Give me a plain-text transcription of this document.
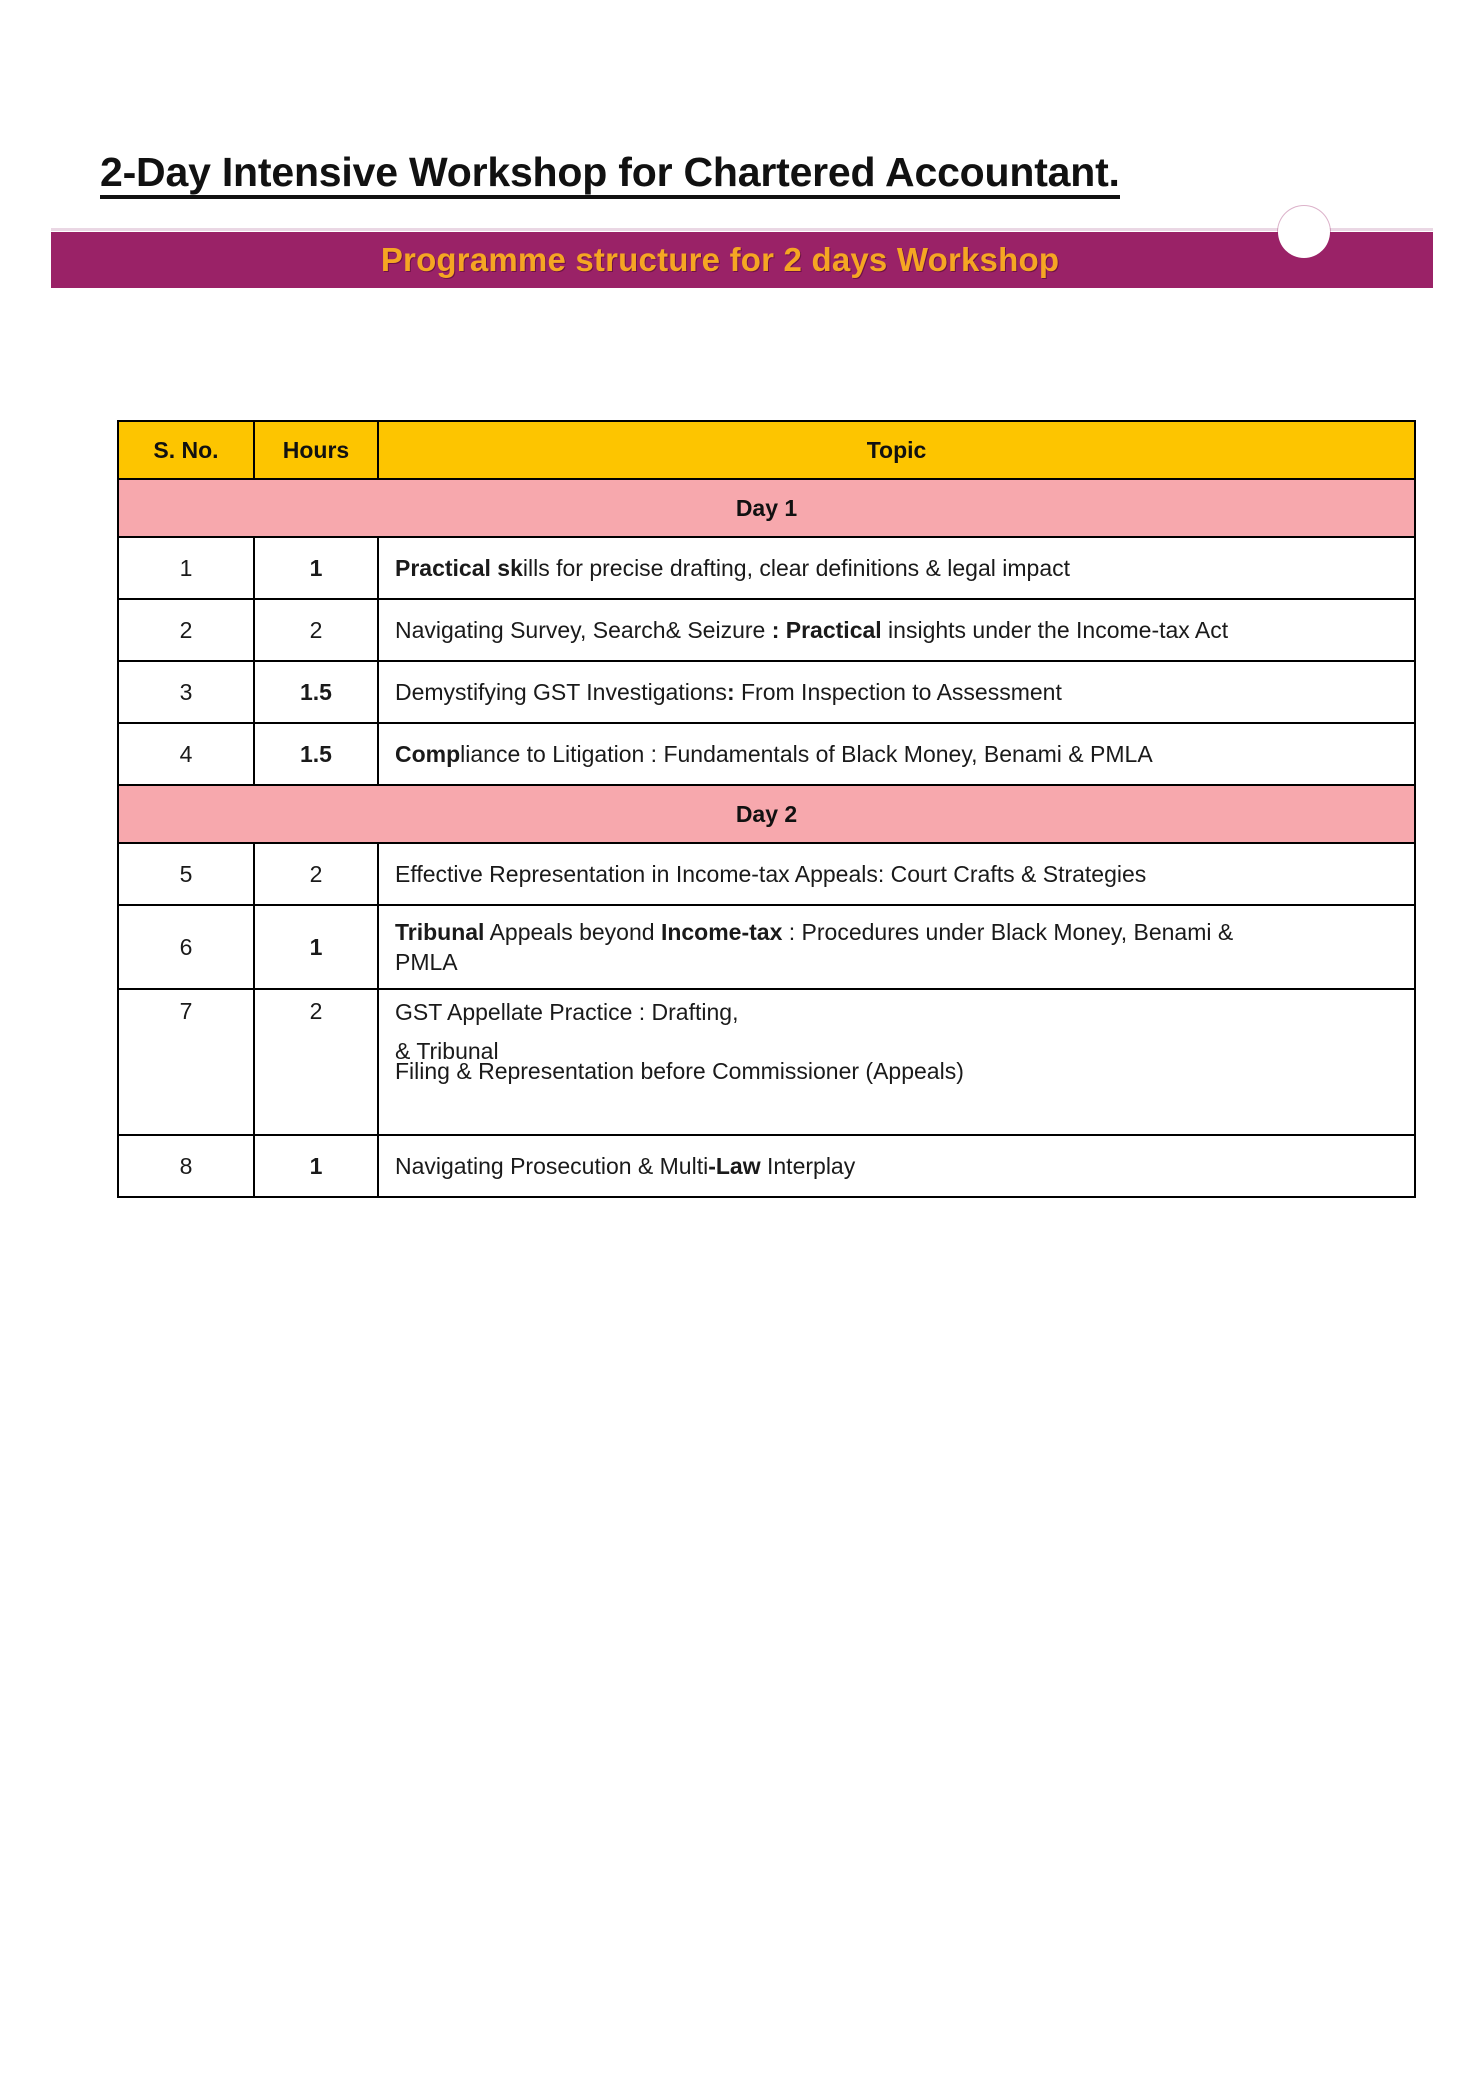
2-Day Intensive Workshop for Chartered Accountant.
Programme structure for 2 days Workshop
S. No.	Hours	Topic
Day 1		
1	1	Practical skills for precise drafting, clear definitions & legal impact
2	2	Navigating Survey, Search& Seizure : Practical insights under the Income-tax Act
3	1.5	Demystifying GST Investigations: From Inspection to Assessment
4	1.5	Compliance to Litigation : Fundamentals of Black Money, Benami & PMLA
Day 2		
5	2	Effective Representation in Income-tax Appeals: Court Crafts & Strategies
6	1	Tribunal Appeals beyond Income-tax : Procedures under Black Money, Benami &
PMLA

7	2	GST Appellate Practice : Drafting,
& Tribunal
Filing & Representation before Commissioner (Appeals)

8	1	Navigating Prosecution & Multi-Law Interplay
